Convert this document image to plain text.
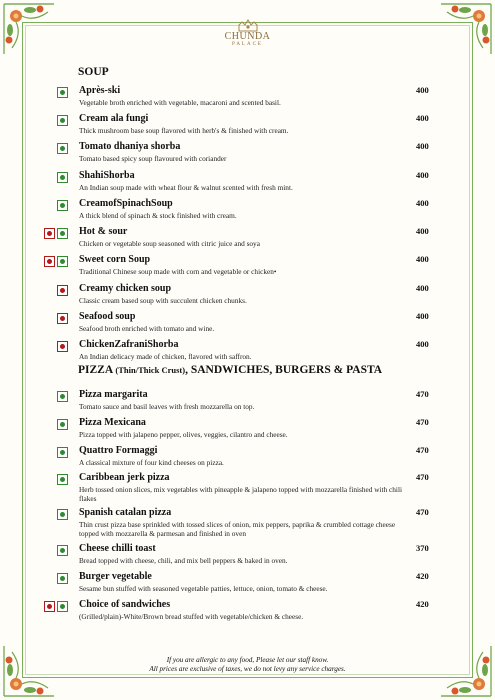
CHUNDA
PALACE
SOUP
PIZZA (Thin/Thick Crust), SANDWICHES, BURGERS & PASTA
Après-ski
Vegetable broth enriched with vegetable, macaroni and scented basil.
400
Cream ala fungi
Thick mushroom base soup flavored with herb's & finished with cream.
400
Tomato dhaniya shorba
Tomato based spicy soup flavoured with coriander
400
ShahiShorba
An Indian soup made with wheat flour & walnut scented with fresh mint.
400
CreamofSpinachSoup
A thick blend of spinach & stock finished with cream.
400
Hot & sour
Chicken or vegetable soup seasoned with citric juice and soya
400
Sweet corn Soup
Traditional Chinese soup made with corn and vegetable or chicken•
400
Creamy chicken soup
Classic cream based soup with succulent chicken chunks.
400
Seafood soup
Seafood broth enriched with tomato and wine.
400
ChickenZafraniShorba
An Indian delicacy made of chicken, flavored with saffron.
400
Pizza margarita
Tomato sauce and basil leaves with fresh mozzarella on top.
470
Pizza Mexicana
Pizza topped with jalapeno pepper, olives, veggies, cilantro and cheese.
470
Quattro Formaggi
A classical mixture of four kind cheeses on pizza.
470
Caribbean jerk pizza
Herb tossed onion slices, mix vegetables with pineapple & jalapeno topped with mozzarella finished with chili flakes
470
Spanish catalan pizza
Thin crust pizza base sprinkled with tossed slices of onion, mix peppers, paprika & crumbled cottage cheese topped with mozzarella & parmesan and finished in oven
470
Cheese chilli toast
Bread topped with cheese, chili, and mix bell peppers & baked in oven.
370
Burger vegetable
Sesame bun stuffed with seasoned vegetable patties, lettuce, onion, tomato & cheese.
420
Choice of sandwiches
(Grilled/plain)-White/Brown bread stuffed with vegetable/chicken & cheese.
420
If you are allergic to any food, Please let our staff know.
All prices are exclusive of taxes, we do not levy any service charges.
